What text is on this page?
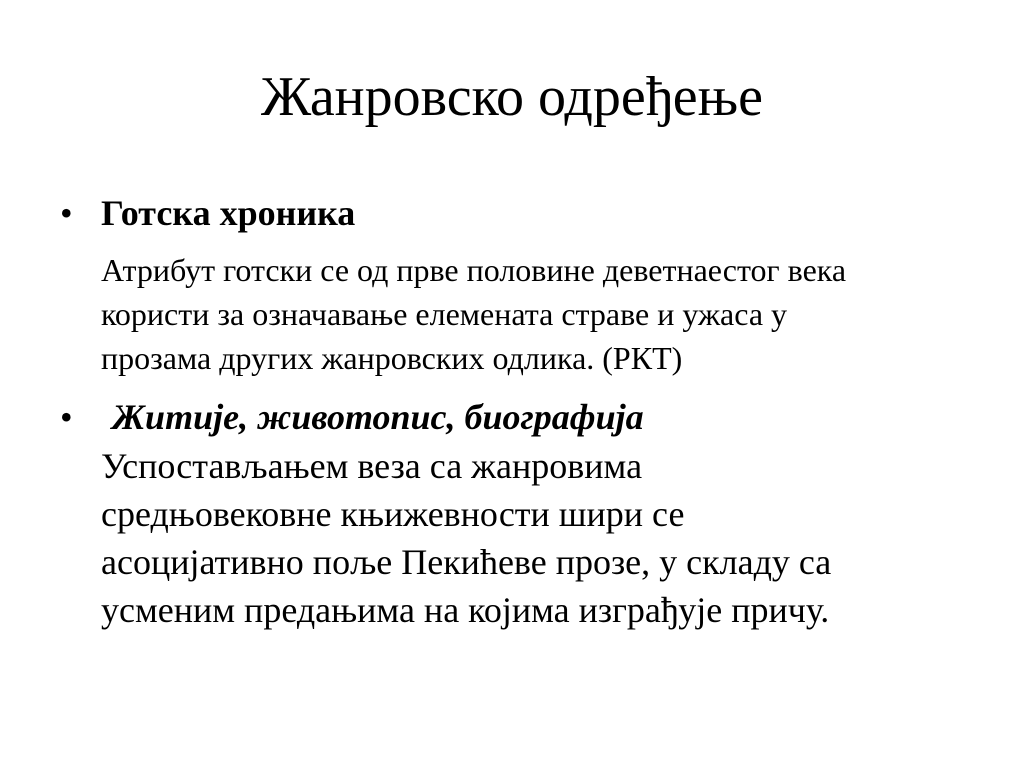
Жанровско одређење
• Готска хроника

Атрибут готски се од прве половине деветнаестог века
користи за означавање елемената страве и ужаса у
прозама других жанровских одлика. (РКТ)

• Житије, животопис, биографија

Успостављањем веза са жанровима
средњовековне књижевности шири се
асоцијативно поље Пекићеве прозе, у складу са
усменим предањима на којима изграђује причу.
